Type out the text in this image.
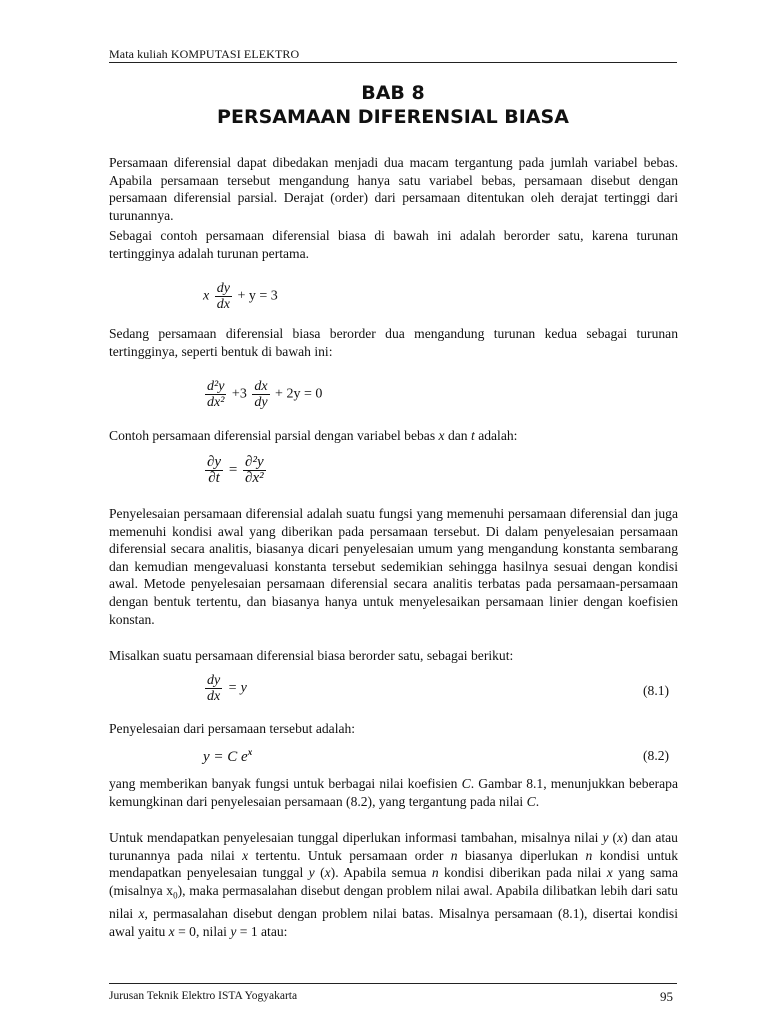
Mata kuliah KOMPUTASI ELEKTRO
BAB 8
PERSAMAAN DIFERENSIAL BIASA
Persamaan diferensial dapat dibedakan menjadi dua macam tergantung pada jumlah variabel bebas. Apabila persamaan tersebut mengandung hanya satu variabel bebas, persamaan disebut dengan persamaan diferensial parsial. Derajat (order) dari persamaan ditentukan oleh derajat tertinggi dari turunannya.
Sebagai contoh persamaan diferensial biasa di bawah ini adalah berorder satu, karena turunan tertingginya adalah turunan pertama.
x $\frac{dy}{dx} + y = 3$
Sedang persamaan diferensial biasa berorder dua mengandung turunan kedua sebagai turunan tertingginya, seperti bentuk di bawah ini:
$\frac{\text{d²y}}{\text{dx²}} +3 \frac{dx}{dy} + 2y = 0$
Contoh persamaan diferensial parsial dengan variabel bebas x dan t adalah:
$\frac{\partial y}{\partial t} = \frac{\text{∂²y}}{\text{∂x²}}$
Penyelesaian persamaan diferensial adalah suatu fungsi yang memenuhi persamaan diferensial dan juga memenuhi kondisi awal yang diberikan pada persamaan tersebut. Di dalam penyelesaian persamaan diferensial secara analitis, biasanya dicari penyelesaian umum yang mengandung konstanta sembarang dan kemudian mengevaluasi konstanta tersebut sedemikian sehingga hasilnya sesuai dengan kondisi awal. Metode penyelesaian persamaan diferensial secara analitis terbatas pada persamaan-persamaan dengan bentuk tertentu, dan biasanya hanya untuk menyelesaikan persamaan linier dengan koefisien konstan.
Misalkan suatu persamaan diferensial biasa berorder satu, sebagai berikut:
$\frac{dy}{dx} = y$	(8.1)
Penyelesaian dari persamaan tersebut adalah:
y = C $e^x$	(8.2)
yang memberikan banyak fungsi untuk berbagai nilai koefisien C. Gambar 8.1, menunjukkan beberapa kemungkinan dari penyelesaian persamaan (8.2), yang tergantung pada nilai C.
Untuk mendapatkan penyelesaian tunggal diperlukan informasi tambahan, misalnya nilai y (x) dan atau turunannya pada nilai x tertentu. Untuk persamaan order n biasanya diperlukan n kondisi untuk mendapatkan penyelesaian tunggal y (x). Apabila semua n kondisi diberikan pada nilai x yang sama (misalnya $x_0$), maka permasalahan disebut dengan problem nilai awal. Apabila dilibatkan lebih dari satu nilai x, permasalahan disebut dengan problem nilai batas. Misalnya persamaan (8.1), disertai kondisi awal yaitu x = 0, nilai y = 1 atau:
Jurusan Teknik Elektro ISTA Yogyakarta	95
